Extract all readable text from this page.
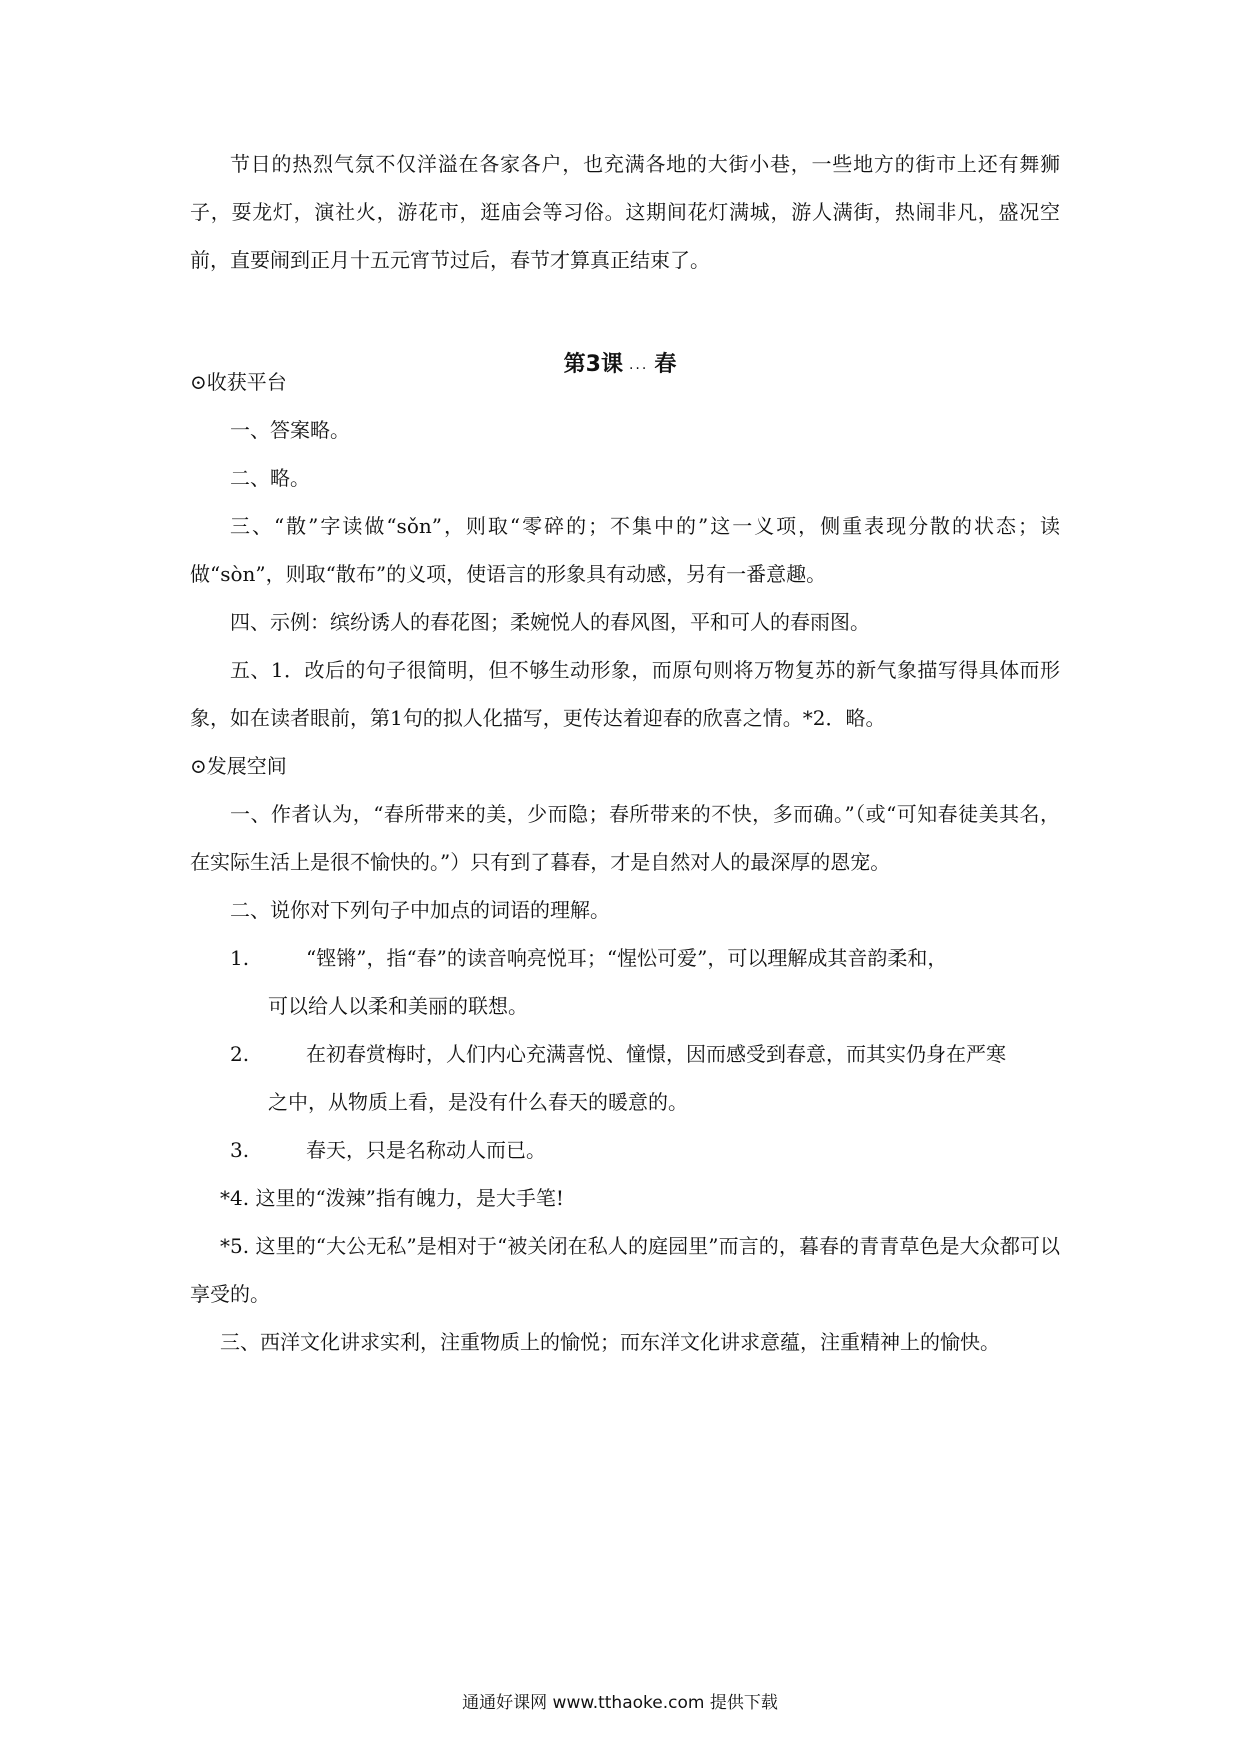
节日的热烈气氛不仅洋溢在各家各户，也充满各地的大街小巷，一些地方的街市上还有舞狮子，耍龙灯，演社火，游花市，逛庙会等习俗。这期间花灯满城，游人满街，热闹非凡，盛况空前，直要闹到正月十五元宵节过后，春节才算真正结束了。

第3课 ... 春
⊙收获平台
一、答案略。
二、略。

三、“散”字读做“sǒn”，则取“零碎的；不集中的”这一义项，侧重表现分散的状态；读做“sòn”，则取“散布”的义项，使语言的形象具有动感，另有一番意趣。

四、示例：缤纷诱人的春花图；柔婉悦人的春风图，平和可人的春雨图。

五、1．改后的句子很简明，但不够生动形象，而原句则将万物复苏的新气象描写得具体而形象，如在读者眼前，第1句的拟人化描写，更传达着迎春的欣喜之情。*2．略。

⊙发展空间

一、作者认为，“春所带来的美，少而隐；春所带来的不快，多而确。”（或“可知春徒美其名，在实际生活上是很不愉快的。”）只有到了暮春，才是自然对人的最深厚的恩宠。

二、说你对下列句子中加点的词语的理解。
1.	“铿锵”，指“春”的读音响亮悦耳；“惺忪可爱”，可以理解成其音韵柔和，
可以给人以柔和美丽的联想。
2.	在初春赏梅时，人们内心充满喜悦、憧憬，因而感受到春意，而其实仍身在严寒
之中，从物质上看，是没有什么春天的暖意的。
3.	春天，只是名称动人而已。
*4. 这里的“泼辣”指有魄力，是大手笔!

*5. 这里的“大公无私”是相对于“被关闭在私人的庭园里”而言的，暮春的青青草色是大众都可以享受的。

三、西洋文化讲求实利，注重物质上的愉悦；而东洋文化讲求意蕴，注重精神上的愉快。
通通好课网 www.tthaoke.com 提供下载
